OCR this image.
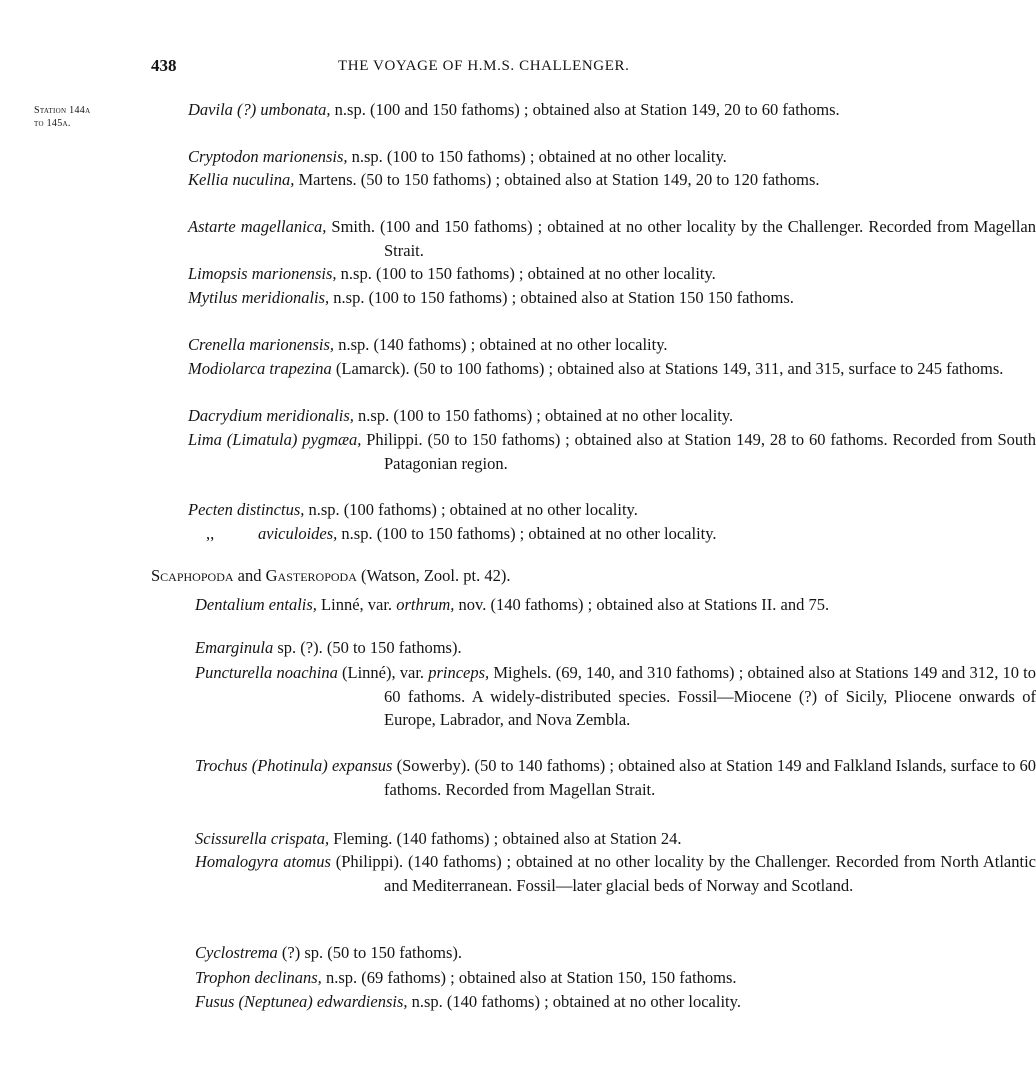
438	THE VOYAGE OF H.M.S. CHALLENGER.
Station 144a
to 145a.
Davila (?) umbonata, n.sp. (100 and 150 fathoms) ; obtained also at Station 149, 20 to 60 fathoms.
Cryptodon marionensis, n.sp. (100 to 150 fathoms) ; obtained at no other locality.
Kellia nuculina, Martens. (50 to 150 fathoms) ; obtained also at Station 149, 20 to 120 fathoms.
Astarte magellanica, Smith. (100 and 150 fathoms) ; obtained at no other locality by the Challenger. Recorded from Magellan Strait.
Limopsis marionensis, n.sp. (100 to 150 fathoms) ; obtained at no other locality.
Mytilus meridionalis, n.sp. (100 to 150 fathoms) ; obtained also at Station 150 150 fathoms.
Crenella marionensis, n.sp. (140 fathoms) ; obtained at no other locality.
Modiolarca trapezina (Lamarck). (50 to 100 fathoms) ; obtained also at Stations 149, 311, and 315, surface to 245 fathoms.
Dacrydium meridionalis, n.sp. (100 to 150 fathoms) ; obtained at no other locality.
Lima (Limatula) pygmæa, Philippi. (50 to 150 fathoms) ; obtained also at Station 149, 28 to 60 fathoms. Recorded from South Patagonian region.
Pecten distinctus, n.sp. (100 fathoms) ; obtained at no other locality.
,,	aviculoides, n.sp. (100 to 150 fathoms) ; obtained at no other locality.
Scaphopoda and Gasteropoda (Watson, Zool. pt. 42).
Dentalium entalis, Linné, var. orthrum, nov. (140 fathoms) ; obtained also at Stations II. and 75.
Emarginula sp. (?). (50 to 150 fathoms).
Puncturella noachina (Linné), var. princeps, Mighels. (69, 140, and 310 fathoms) ; obtained also at Stations 149 and 312, 10 to 60 fathoms. A widely-distributed species. Fossil—Miocene (?) of Sicily, Pliocene onwards of Europe, Labrador, and Nova Zembla.
Trochus (Photinula) expansus (Sowerby). (50 to 140 fathoms) ; obtained also at Station 149 and Falkland Islands, surface to 60 fathoms. Recorded from Magellan Strait.
Scissurella crispata, Fleming. (140 fathoms) ; obtained also at Station 24.
Homalogyra atomus (Philippi). (140 fathoms) ; obtained at no other locality by the Challenger. Recorded from North Atlantic and Mediterranean. Fossil—later glacial beds of Norway and Scotland.
Cyclostrema (?) sp. (50 to 150 fathoms).
Trophon declinans, n.sp. (69 fathoms) ; obtained also at Station 150, 150 fathoms.
Fusus (Neptunea) edwardiensis, n.sp. (140 fathoms) ; obtained at no other locality.
